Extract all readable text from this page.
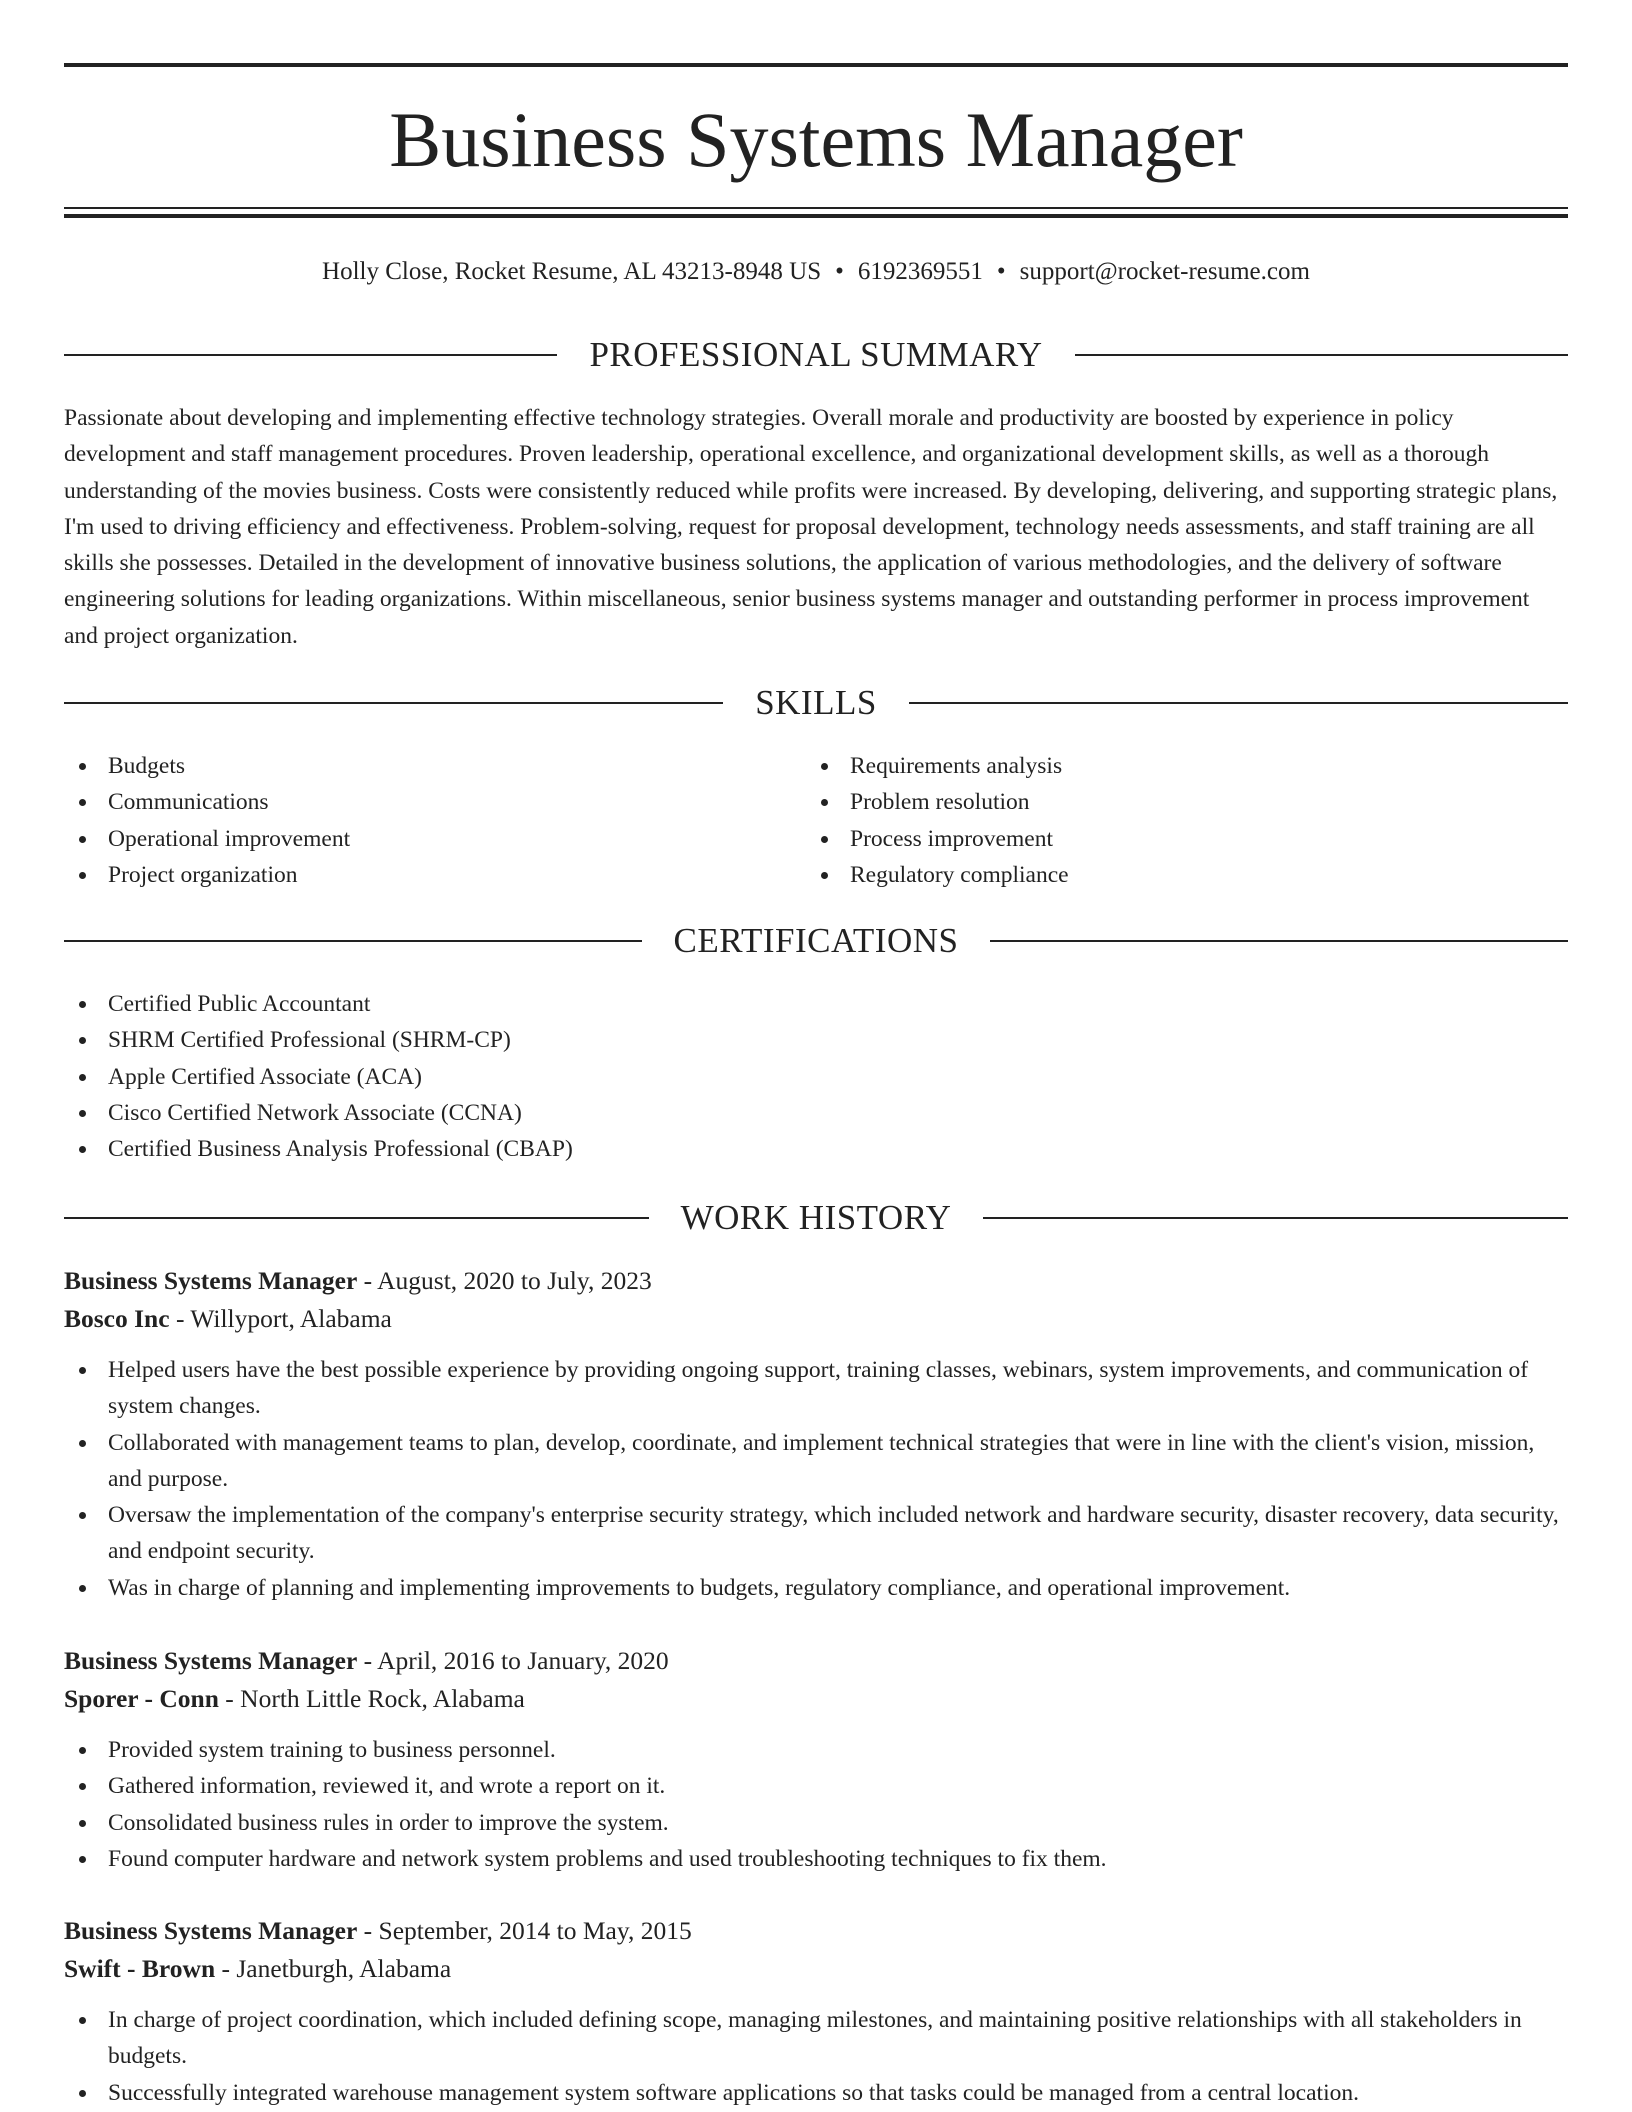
Business Systems Manager
Holly Close, Rocket Resume, AL 43213-8948 US • 6192369551 • support@rocket-resume.com
PROFESSIONAL SUMMARY

Passionate about developing and implementing effective technology strategies. Overall morale and productivity are boosted by experience in policy development and staff management procedures. Proven leadership, operational excellence, and organizational development skills, as well as a thorough understanding of the movies business. Costs were consistently reduced while profits were increased. By developing, delivering, and supporting strategic plans, I'm used to driving efficiency and effectiveness. Problem-solving, request for proposal development, technology needs assessments, and staff training are all skills she possesses. Detailed in the development of innovative business solutions, the application of various methodologies, and the delivery of software engineering solutions for leading organizations. Within miscellaneous, senior business systems manager and outstanding performer in process improvement and project organization.

SKILLS
Budgets
Communications
Operational improvement
Project organization
Requirements analysis
Problem resolution
Process improvement
Regulatory compliance
CERTIFICATIONS
Certified Public Accountant
SHRM Certified Professional (SHRM-CP)
Apple Certified Associate (ACA)
Cisco Certified Network Associate (CCNA)
Certified Business Analysis Professional (CBAP)
WORK HISTORY
Business Systems Manager - August, 2020 to July, 2023
Bosco Inc - Willyport, Alabama
Helped users have the best possible experience by providing ongoing support, training classes, webinars, system improvements, and communication of system changes.
Collaborated with management teams to plan, develop, coordinate, and implement technical strategies that were in line with the client's vision, mission, and purpose.
Oversaw the implementation of the company's enterprise security strategy, which included network and hardware security, disaster recovery, data security, and endpoint security.
Was in charge of planning and implementing improvements to budgets, regulatory compliance, and operational improvement.
Business Systems Manager - April, 2016 to January, 2020
Sporer - Conn - North Little Rock, Alabama
Provided system training to business personnel.
Gathered information, reviewed it, and wrote a report on it.
Consolidated business rules in order to improve the system.
Found computer hardware and network system problems and used troubleshooting techniques to fix them.
Business Systems Manager - September, 2014 to May, 2015
Swift - Brown - Janetburgh, Alabama
In charge of project coordination, which included defining scope, managing milestones, and maintaining positive relationships with all stakeholders in budgets.
Successfully integrated warehouse management system software applications so that tasks could be managed from a central location.
